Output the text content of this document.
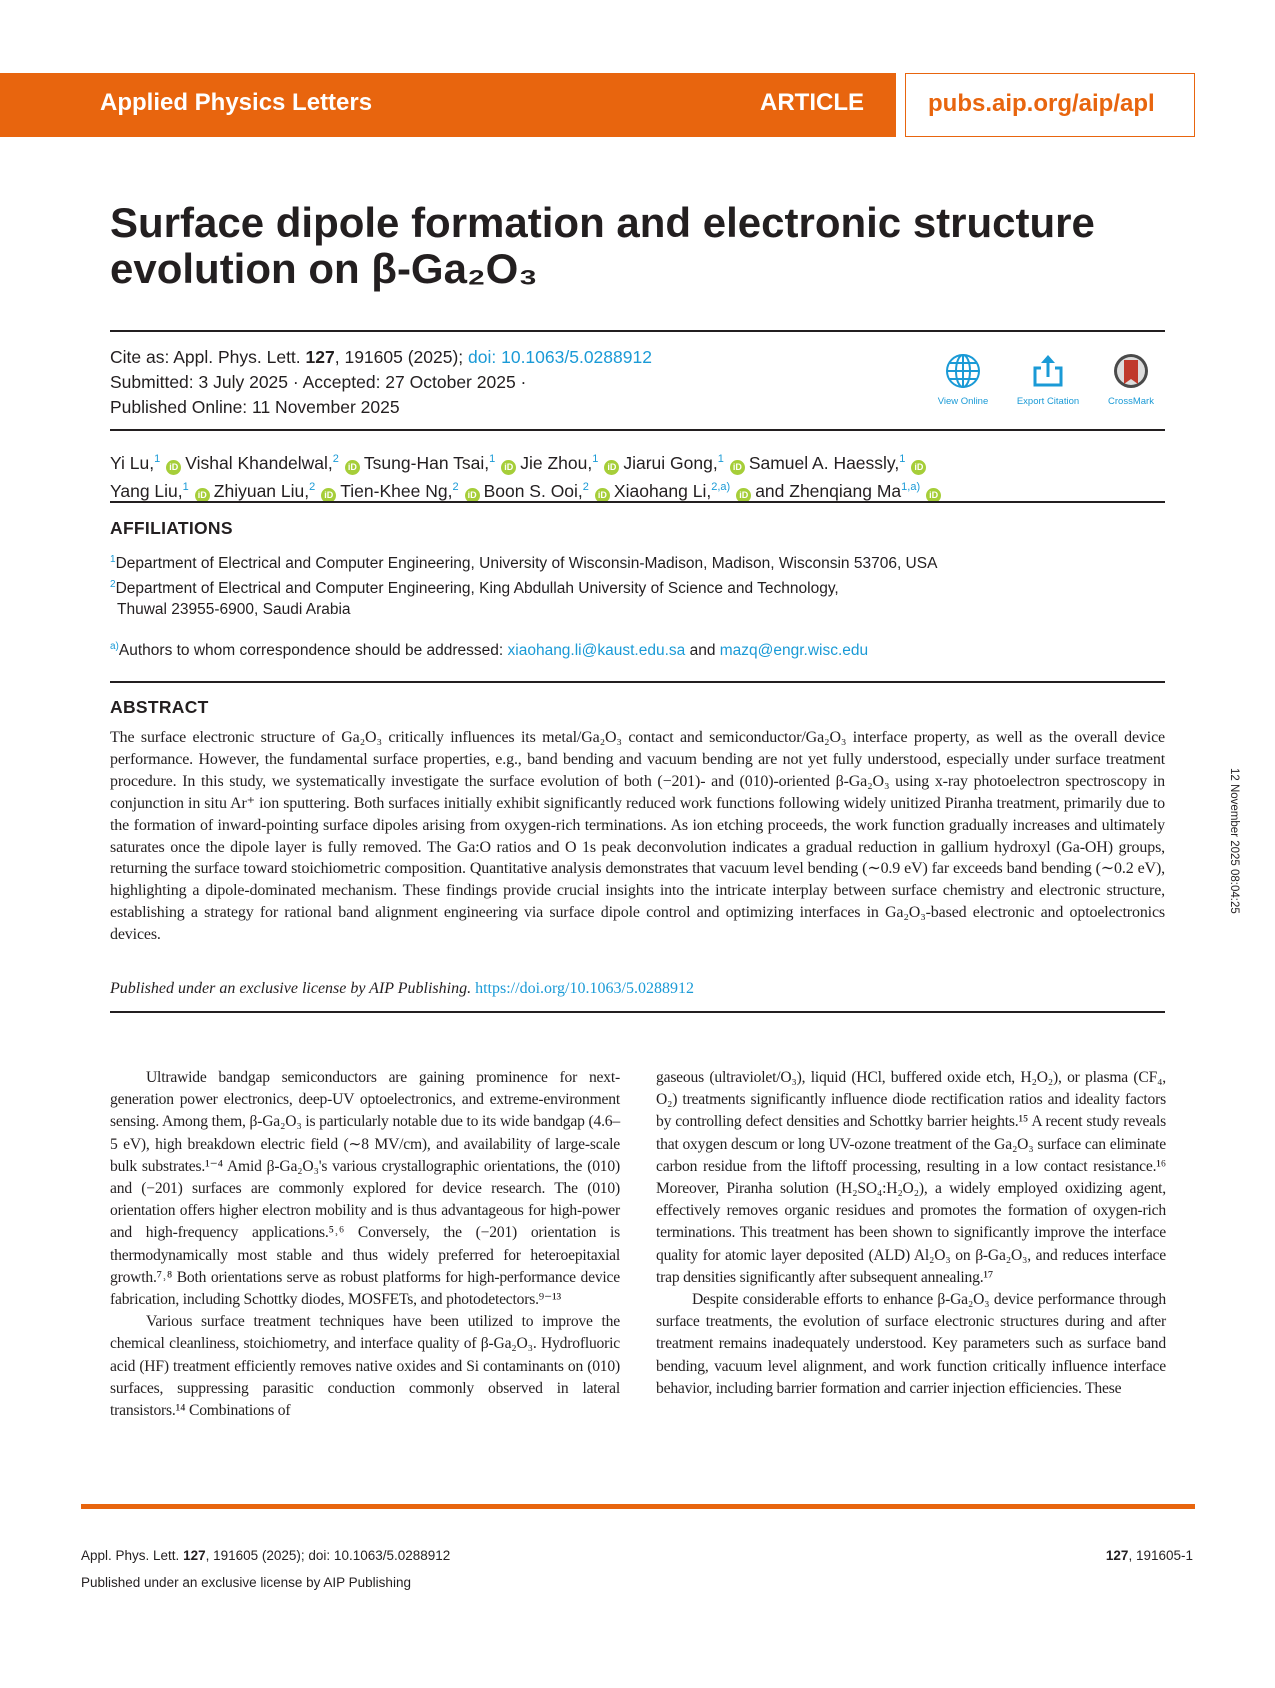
Applied Physics Letters	ARTICLE	pubs.aip.org/aip/apl
Surface dipole formation and electronic structure evolution on β-Ga₂O₃
Cite as: Appl. Phys. Lett. 127, 191605 (2025); doi: 10.1063/5.0288912
Submitted: 3 July 2025 · Accepted: 27 October 2025 ·
Published Online: 11 November 2025	View Online	Export Citation	CrossMark
Yi Lu,$^1$iD Vishal Khandelwal,$^2$iD Tsung-Han Tsai,$^1$iD Jie Zhou,$^1$iD Jiarui Gong,$^1$iD Samuel A. Haessly,$^1$iD
Yang Liu,$^1$iD Zhiyuan Liu,$^2$iD Tien-Khee Ng,$^2$iD Boon S. Ooi,$^2$iD Xiaohang Li,$^{2,a)}$iD and Zhenqiang Ma$^{1,a)}$iD
AFFILIATIONS
$^1$Department of Electrical and Computer Engineering, University of Wisconsin-Madison, Madison, Wisconsin 53706, USA
$^2$Department of Electrical and Computer Engineering, King Abdullah University of Science and Technology,
Thuwal 23955-6900, Saudi Arabia
$^{a)}$Authors to whom correspondence should be addressed: xiaohang.li@kaust.edu.sa and mazq@engr.wisc.edu
ABSTRACT
The surface electronic structure of Ga₂O₃ critically influences its metal/Ga₂O₃ contact and semiconductor/Ga₂O₃ interface property, as well as the overall device performance. However, the fundamental surface properties, e.g., band bending and vacuum bending are not yet fully understood, especially under surface treatment procedure. In this study, we systematically investigate the surface evolution of both (−201)- and (010)-oriented β-Ga₂O₃ using x-ray photoelectron spectroscopy in conjunction in situ Ar⁺ ion sputtering. Both surfaces initially exhibit significantly reduced work functions following widely unitized Piranha treatment, primarily due to the formation of inward-pointing surface dipoles arising from oxygen-rich terminations. As ion etching proceeds, the work function gradually increases and ultimately saturates once the dipole layer is fully removed. The Ga:O ratios and O 1s peak deconvolution indicates a gradual reduction in gallium hydroxyl (Ga-OH) groups, returning the surface toward stoichiometric composition. Quantitative analysis demonstrates that vacuum level bending (∼0.9 eV) far exceeds band bending (∼0.2 eV), highlighting a dipole-dominated mechanism. These findings provide crucial insights into the intricate interplay between surface chemistry and electronic structure, establishing a strategy for rational band alignment engineering via surface dipole control and optimizing interfaces in Ga₂O₃-based electronic and optoelectronics devices.
Published under an exclusive license by AIP Publishing. https://doi.org/10.1063/5.0288912

Ultrawide bandgap semiconductors are gaining prominence for next-generation power electronics, deep-UV optoelectronics, and extreme-environment sensing. Among them, β-Ga₂O₃ is particularly notable due to its wide bandgap (4.6–5 eV), high breakdown electric field (∼8 MV/cm), and availability of large-scale bulk substrates.¹⁻⁴ Amid β-Ga₂O₃'s various crystallographic orientations, the (010) and (−201) surfaces are commonly explored for device research. The (010) orientation offers higher electron mobility and is thus advantageous for high-power and high-frequency applications.⁵˒⁶ Conversely, the (−201) orientation is thermodynamically most stable and thus widely preferred for heteroepitaxial growth.⁷˒⁸ Both orientations serve as robust platforms for high-performance device fabrication, including Schottky diodes, MOSFETs, and photodetectors.⁹⁻¹³

Various surface treatment techniques have been utilized to improve the chemical cleanliness, stoichiometry, and interface quality of β-Ga₂O₃. Hydrofluoric acid (HF) treatment efficiently removes native oxides and Si contaminants on (010) surfaces, suppressing parasitic conduction commonly observed in lateral transistors.¹⁴ Combinations of

gaseous (ultraviolet/O₃), liquid (HCl, buffered oxide etch, H₂O₂), or plasma (CF₄, O₂) treatments significantly influence diode rectification ratios and ideality factors by controlling defect densities and Schottky barrier heights.¹⁵ A recent study reveals that oxygen descum or long UV-ozone treatment of the Ga₂O₃ surface can eliminate carbon residue from the liftoff processing, resulting in a low contact resistance.¹⁶ Moreover, Piranha solution (H₂SO₄:H₂O₂), a widely employed oxidizing agent, effectively removes organic residues and promotes the formation of oxygen-rich terminations. This treatment has been shown to significantly improve the interface quality for atomic layer deposited (ALD) Al₂O₃ on β-Ga₂O₃, and reduces interface trap densities significantly after subsequent annealing.¹⁷

Despite considerable efforts to enhance β-Ga₂O₃ device performance through surface treatments, the evolution of surface electronic structures during and after treatment remains inadequately understood. Key parameters such as surface band bending, vacuum level alignment, and work function critically influence interface behavior, including barrier formation and carrier injection efficiencies. These

Appl. Phys. Lett. 127, 191605 (2025); doi: 10.1063/5.0288912
Published under an exclusive license by AIP Publishing
127, 191605-1
12 November 2025 08:04:25
